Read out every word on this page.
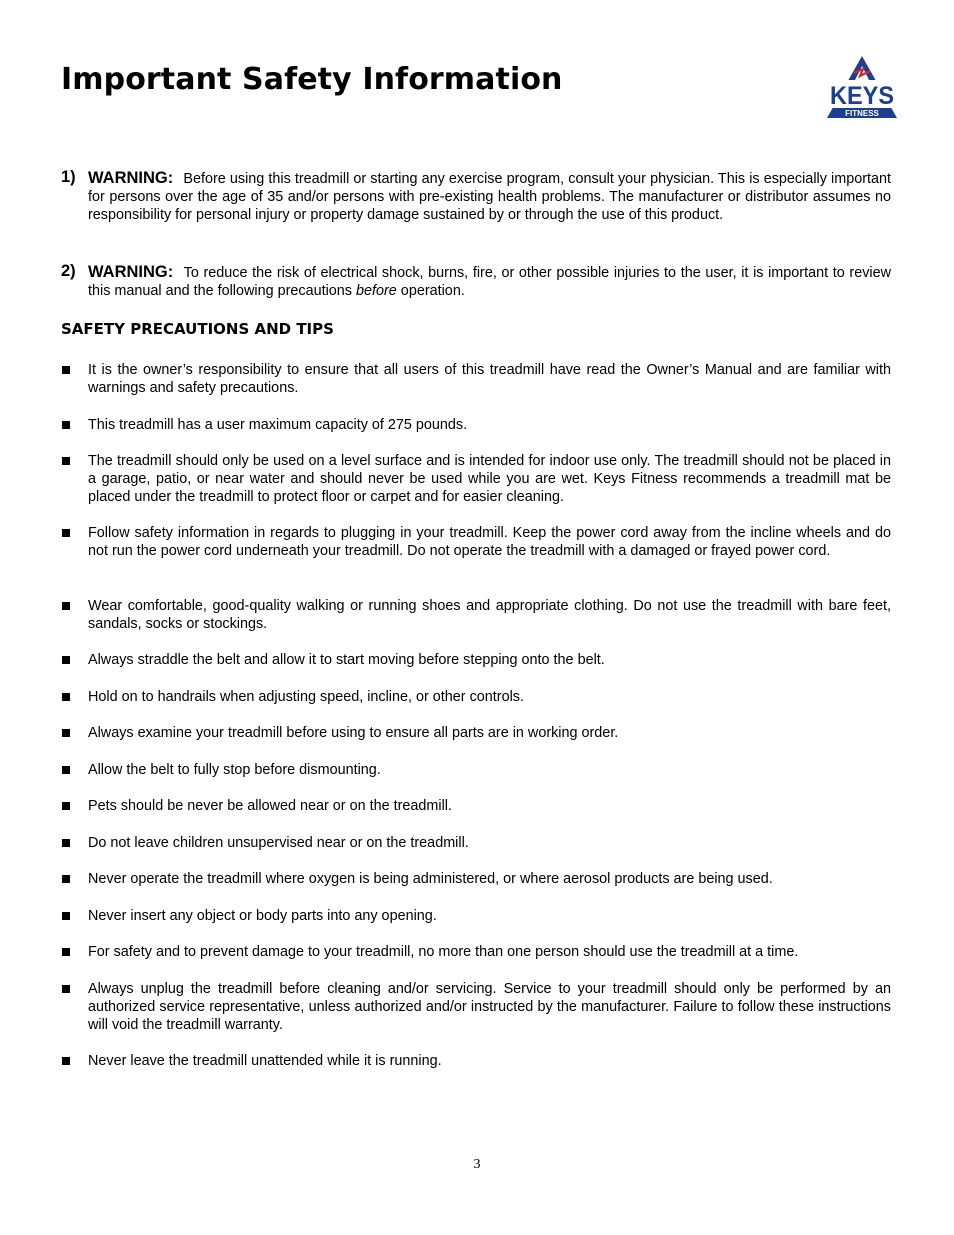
Important Safety Information	KEYS
FITNESS
1) WARNING: Before using this treadmill or starting any exercise program, consult your physician. This is especially important for persons over the age of 35 and/or persons with pre-existing health problems. The manufacturer or distributor assumes no responsibility for personal injury or property damage sustained by or through the use of this product.
2) WARNING: To reduce the risk of electrical shock, burns, fire, or other possible injuries to the user, it is important to review this manual and the following precautions before operation.
SAFETY PRECAUTIONS AND TIPS
It is the owner’s responsibility to ensure that all users of this treadmill have read the Owner’s Manual and are familiar with warnings and safety precautions.
This treadmill has a user maximum capacity of 275 pounds.
The treadmill should only be used on a level surface and is intended for indoor use only. The treadmill should not be placed in a garage, patio, or near water and should never be used while you are wet. Keys Fitness recommends a treadmill mat be placed under the treadmill to protect floor or carpet and for easier cleaning.
Follow safety information in regards to plugging in your treadmill. Keep the power cord away from the incline wheels and do not run the power cord underneath your treadmill. Do not operate the treadmill with a damaged or frayed power cord.
Wear comfortable, good-quality walking or running shoes and appropriate clothing. Do not use the treadmill with bare feet, sandals, socks or stockings.
Always straddle the belt and allow it to start moving before stepping onto the belt.
Hold on to handrails when adjusting speed, incline, or other controls.
Always examine your treadmill before using to ensure all parts are in working order.
Allow the belt to fully stop before dismounting.
Pets should be never be allowed near or on the treadmill.
Do not leave children unsupervised near or on the treadmill.
Never operate the treadmill where oxygen is being administered, or where aerosol products are being used.
Never insert any object or body parts into any opening.
For safety and to prevent damage to your treadmill, no more than one person should use the treadmill at a time.
Always unplug the treadmill before cleaning and/or servicing. Service to your treadmill should only be performed by an authorized service representative, unless authorized and/or instructed by the manufacturer. Failure to follow these instructions will void the treadmill warranty.
Never leave the treadmill unattended while it is running.
3
